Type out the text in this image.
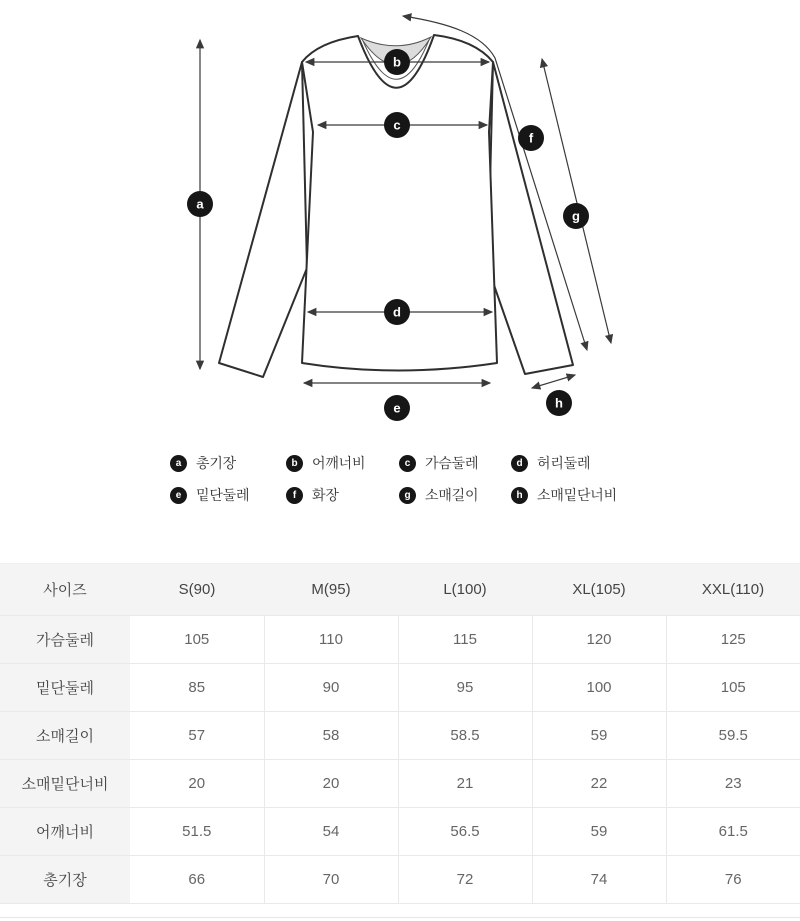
a
b
c
d
e
f
g
h
a	총기장	b	어깨너비	c	가슴둘레	d	허리둘레
e	밑단둘레	f	화장	g	소매길이	h	소매밑단너비
사이즈	S(90)	M(95)	L(100)	XL(105)	XXL(110)
가슴둘레	105	110	115	120	125
밑단둘레	85	90	95	100	105
소매길이	57	58	58.5	59	59.5
소매밑단너비	20	20	21	22	23
어깨너비	51.5	54	56.5	59	61.5
총기장	66	70	72	74	76
